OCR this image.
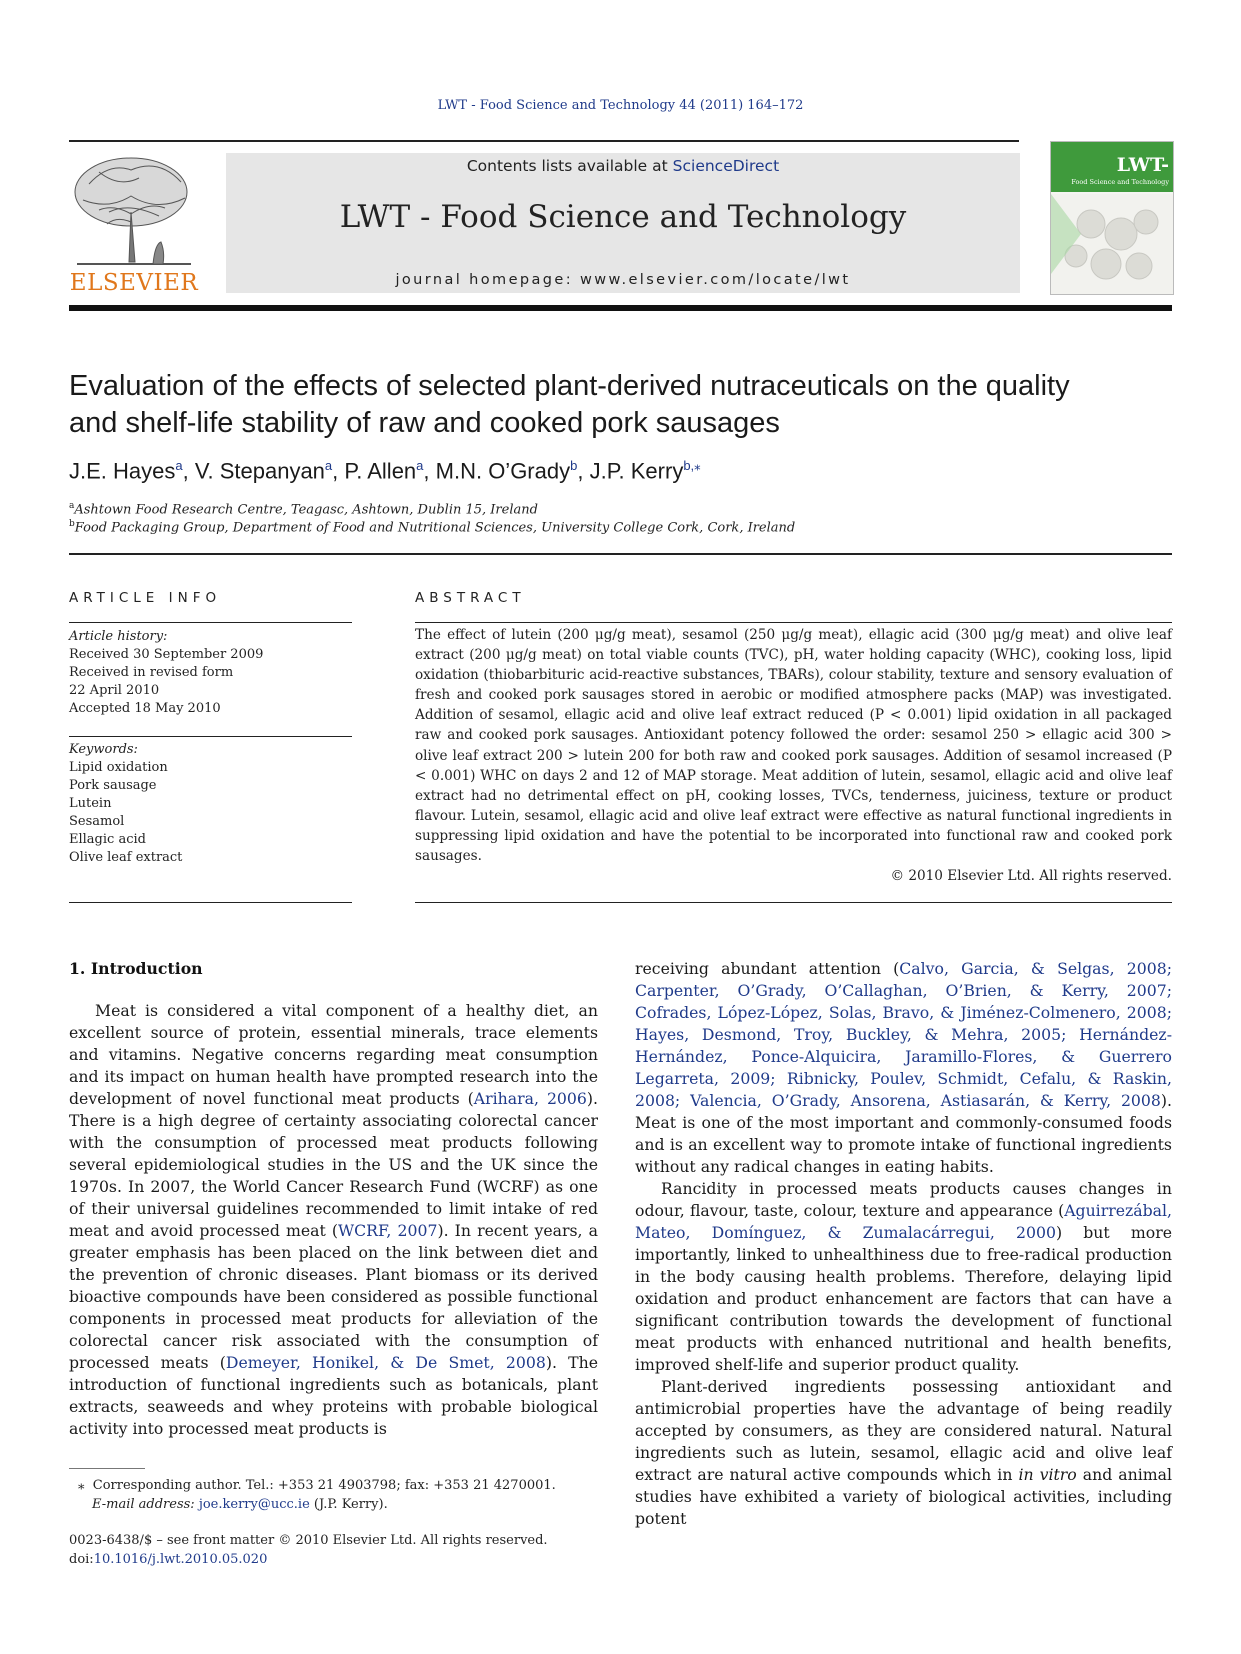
LWT - Food Science and Technology 44 (2011) 164–172
ELSEVIER
Contents lists available at ScienceDirect
LWT - Food Science and Technology
journal homepage: www.elsevier.com/locate/lwt
LWT-
Food Science and Technology
Evaluation of the effects of selected plant-derived nutraceuticals on the quality
and shelf-life stability of raw and cooked pork sausages
J.E. Hayes$^a$, V. Stepanyan$^a$, P. Allen$^a$, M.N. O’Grady$^b$, J.P. Kerry$^{b,⁎}$
$^a$Ashtown Food Research Centre, Teagasc, Ashtown, Dublin 15, Ireland
$^b$Food Packaging Group, Department of Food and Nutritional Sciences, University College Cork, Cork, Ireland
ARTICLE INFO
Article history:
Received 30 September 2009
Received in revised form
22 April 2010
Accepted 18 May 2010
Keywords:
Lipid oxidation
Pork sausage
Lutein
Sesamol
Ellagic acid
Olive leaf extract
ABSTRACT
The effect of lutein (200 μg/g meat), sesamol (250 μg/g meat), ellagic acid (300 μg/g meat) and olive leaf extract (200 μg/g meat) on total viable counts (TVC), pH, water holding capacity (WHC), cooking loss, lipid oxidation (thiobarbituric acid-reactive substances, TBARs), colour stability, texture and sensory evaluation of fresh and cooked pork sausages stored in aerobic or modified atmosphere packs (MAP) was investigated. Addition of sesamol, ellagic acid and olive leaf extract reduced (P < 0.001) lipid oxidation in all packaged raw and cooked pork sausages. Antioxidant potency followed the order: sesamol 250 > ellagic acid 300 > olive leaf extract 200 > lutein 200 for both raw and cooked pork sausages. Addition of sesamol increased (P < 0.001) WHC on days 2 and 12 of MAP storage. Meat addition of lutein, sesamol, ellagic acid and olive leaf extract had no detrimental effect on pH, cooking losses, TVCs, tenderness, juiciness, texture or product flavour. Lutein, sesamol, ellagic acid and olive leaf extract were effective as natural functional ingredients in suppressing lipid oxidation and have the potential to be incorporated into functional raw and cooked pork sausages.
© 2010 Elsevier Ltd. All rights reserved.
1. Introduction

Meat is considered a vital component of a healthy diet, an excellent source of protein, essential minerals, trace elements and vitamins. Negative concerns regarding meat consumption and its impact on human health have prompted research into the development of novel functional meat products (Arihara, 2006). There is a high degree of certainty associating colorectal cancer with the consumption of processed meat products following several epidemiological studies in the US and the UK since the 1970s. In 2007, the World Cancer Research Fund (WCRF) as one of their universal guidelines recommended to limit intake of red meat and avoid processed meat (WCRF, 2007). In recent years, a greater emphasis has been placed on the link between diet and the prevention of chronic diseases. Plant biomass or its derived bioactive compounds have been considered as possible functional components in processed meat products for alleviation of the colorectal cancer risk associated with the consumption of processed meats (Demeyer, Honikel, & De Smet, 2008). The introduction of functional ingredients such as botanicals, plant extracts, seaweeds and whey proteins with probable biological activity into processed meat products is

receiving abundant attention (Calvo, Garcia, & Selgas, 2008; Carpenter, O’Grady, O’Callaghan, O’Brien, & Kerry, 2007; Cofrades, López-López, Solas, Bravo, & Jiménez-Colmenero, 2008; Hayes, Desmond, Troy, Buckley, & Mehra, 2005; Hernández-Hernández, Ponce-Alquicira, Jaramillo-Flores, & Guerrero Legarreta, 2009; Ribnicky, Poulev, Schmidt, Cefalu, & Raskin, 2008; Valencia, O’Grady, Ansorena, Astiasarán, & Kerry, 2008). Meat is one of the most important and commonly-consumed foods and is an excellent way to promote intake of functional ingredients without any radical changes in eating habits.

Rancidity in processed meats products causes changes in odour, flavour, taste, colour, texture and appearance (Aguirrezábal, Mateo, Domínguez, & Zumalacárregui, 2000) but more importantly, linked to unhealthiness due to free-radical production in the body causing health problems. Therefore, delaying lipid oxidation and product enhancement are factors that can have a significant contribution towards the development of functional meat products with enhanced nutritional and health benefits, improved shelf-life and superior product quality.

Plant-derived ingredients possessing antioxidant and antimicrobial properties have the advantage of being readily accepted by consumers, as they are considered natural. Natural ingredients such as lutein, sesamol, ellagic acid and olive leaf extract are natural active compounds which in in vitro and animal studies have exhibited a variety of biological activities, including potent

⁎ Corresponding author. Tel.: +353 21 4903798; fax: +353 21 4270001.
E-mail address: joe.kerry@ucc.ie (J.P. Kerry).
0023-6438/$ – see front matter © 2010 Elsevier Ltd. All rights reserved.
doi:10.1016/j.lwt.2010.05.020
